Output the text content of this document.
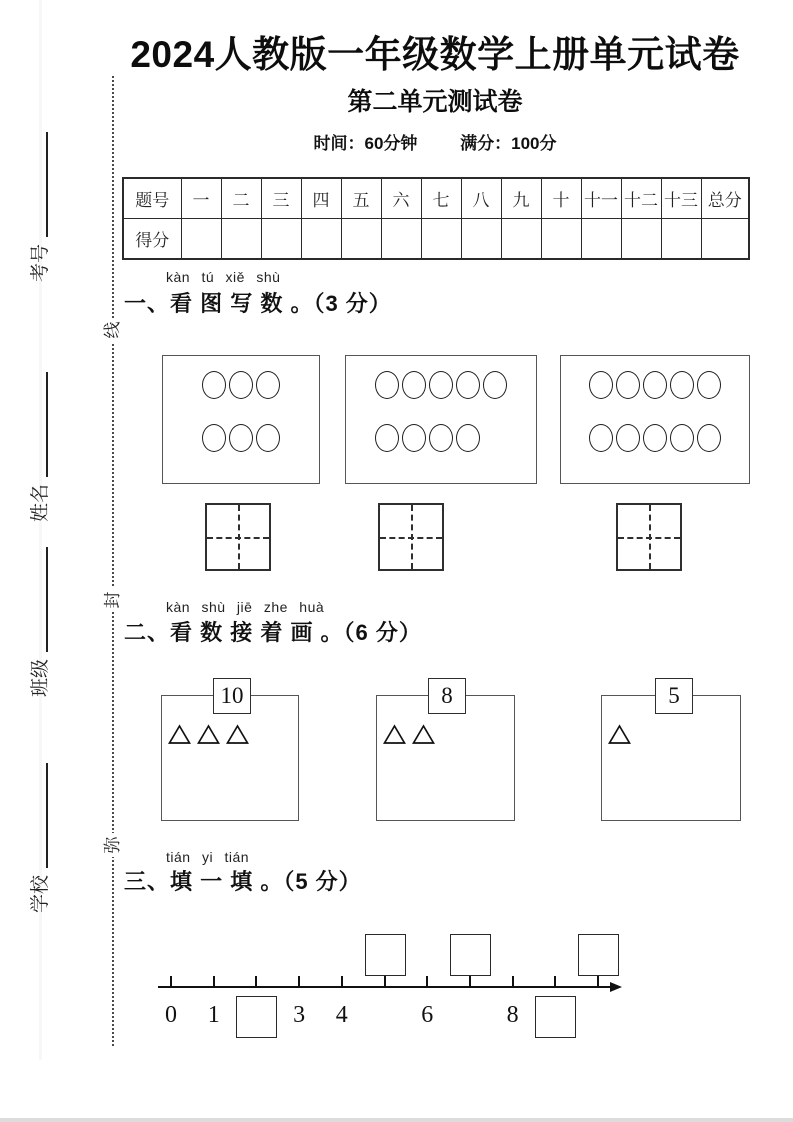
考号
姓名
班级
学校
线
封
弥
2024人教版一年级数学上册单元试卷
第二单元测试卷
时间：60分钟	满分：100分
题号	一	二	三	四	五	六	七	八	九	十	十一	十二	十三	总分
得分														
kàn tú xiě shù
一、看 图 写 数 。（3 分）
kàn shù jiē zhe huà
二、看 数 接 着 画 。（6 分）
10	8	5
tián yi tián
三、填 一 填 。（5 分）
0 1	3 4	6	8
